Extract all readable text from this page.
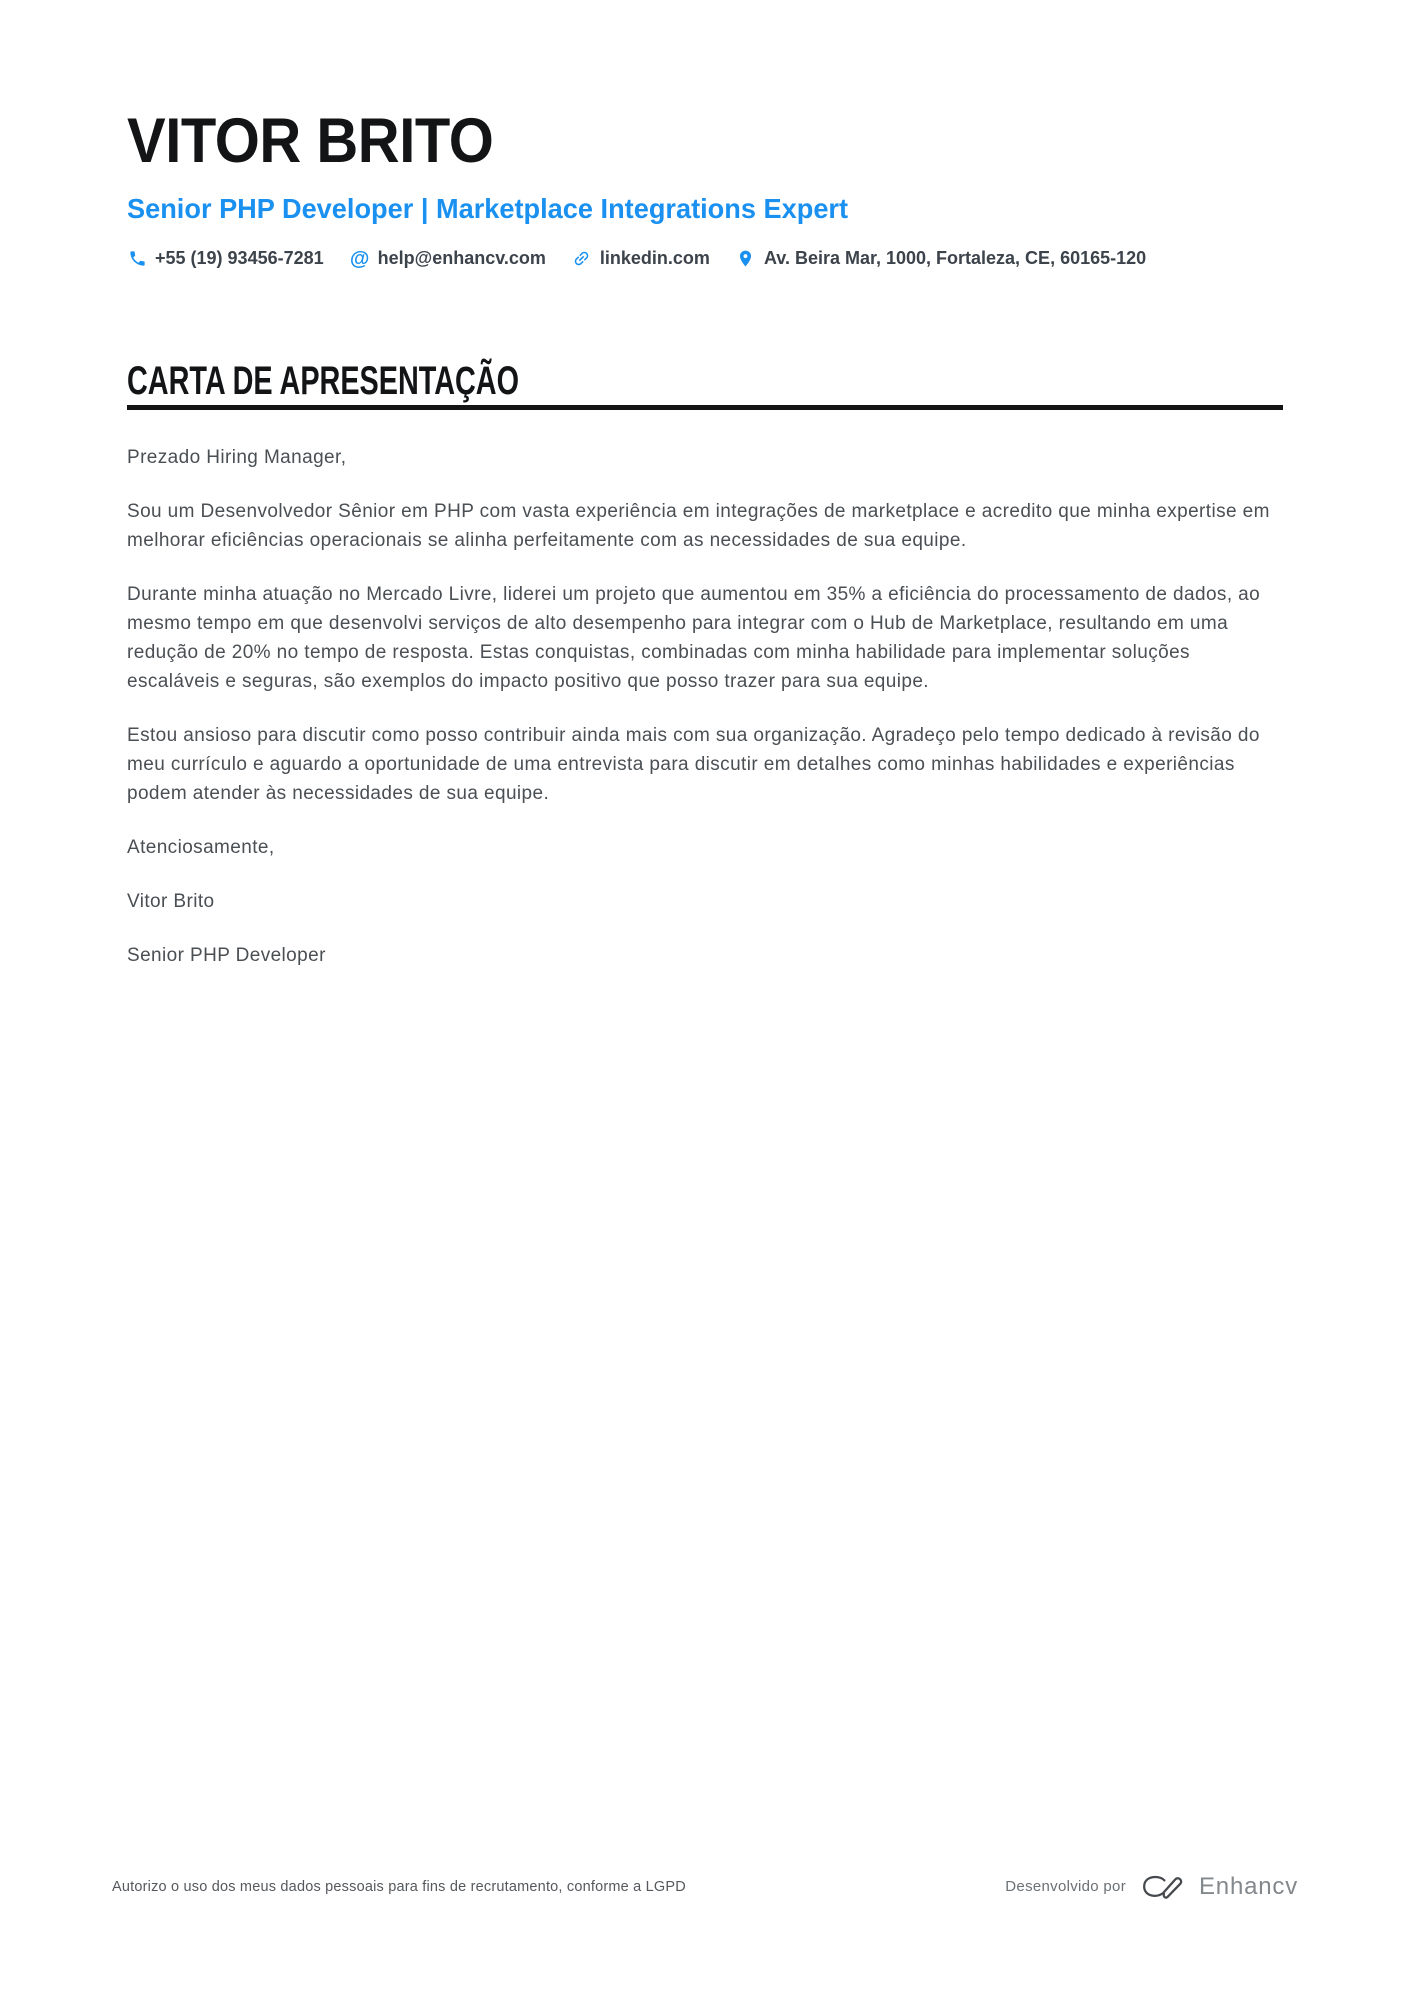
VITOR BRITO
Senior PHP Developer | Marketplace Integrations Expert
+55 (19) 93456-7281 @ help@enhancv.com	linkedin.com	Av. Beira Mar, 1000, Fortaleza, CE, 60165-120
CARTA DE APRESENTAÇÃO

Prezado Hiring Manager,

Sou um Desenvolvedor Sênior em PHP com vasta experiência em integrações de marketplace e acredito que minha expertise em melhorar eficiências operacionais se alinha perfeitamente com as necessidades de sua equipe.

Durante minha atuação no Mercado Livre, liderei um projeto que aumentou em 35% a eficiência do processamento de dados, ao mesmo tempo em que desenvolvi serviços de alto desempenho para integrar com o Hub de Marketplace, resultando em uma redução de 20% no tempo de resposta. Estas conquistas, combinadas com minha habilidade para implementar soluções escaláveis e seguras, são exemplos do impacto positivo que posso trazer para sua equipe.

Estou ansioso para discutir como posso contribuir ainda mais com sua organização. Agradeço pelo tempo dedicado à revisão do meu currículo e aguardo a oportunidade de uma entrevista para discutir em detalhes como minhas habilidades e experiências podem atender às necessidades de sua equipe.

Atenciosamente,

Vitor Brito

Senior PHP Developer

Autorizo o uso dos meus dados pessoais para fins de recrutamento, conforme a LGPD	Desenvolvido por	Enhancv
